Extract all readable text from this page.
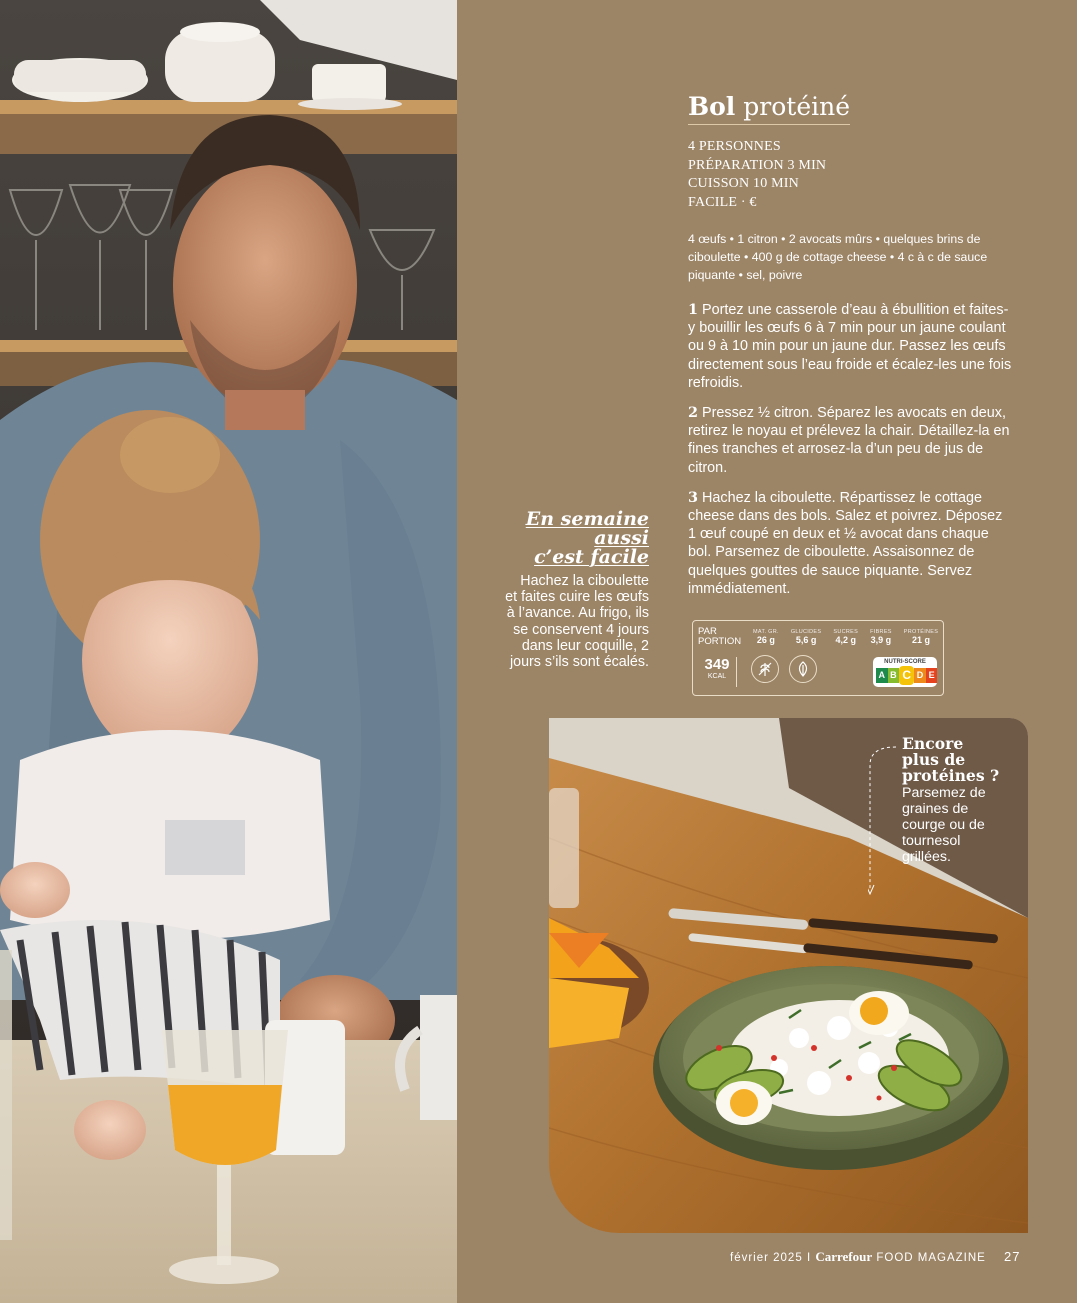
Bol protéiné
4 PERSONNES
PRÉPARATION 3 MIN
CUISSON 10 MIN
FACILE · €
4 œufs • 1 citron • 2 avocats mûrs • quelques brins de ciboulette • 400 g de cottage cheese • 4 c à c de sauce piquante • sel, poivre
1 Portez une casserole d’eau à ébullition et faites-y bouillir les œufs 6 à 7 min pour un jaune coulant ou 9 à 10 min pour un jaune dur. Passez les œufs directement sous l’eau froide et écalez-les une fois refroidis.
2 Pressez ½ citron. Séparez les avocats en deux, retirez le noyau et prélevez la chair. Détaillez-la en fines tranches et arrosez-la d’un peu de jus de citron.
3 Hachez la ciboulette. Répartissez le cottage cheese dans des bols. Salez et poivrez. Déposez 1 œuf coupé en deux et ½ avocat dans chaque bol. Parsemez de ciboulette. Assaisonnez de quelques gouttes de sauce piquante. Servez immédiatement.
En semaine
aussi
c’est facile
Hachez la ciboulette et faites cuire les œufs à l’avance. Au frigo, ils se conservent 4 jours dans leur coquille, 2 jours s’ils sont écalés.
PAR
PORTION
MAT. GR.
26 g
GLUCIDES
5,6 g
SUCRES
4,2 g
FIBRES
3,9 g
PROTÉINES
21 g
349
KCAL
NUTRI-SCORE
A B C D E
Encore
plus de
protéines ?
Parsemez de graines de courge ou de tournesol grillées.
février 2025 I Carrefour FOOD MAGAZINE 27
